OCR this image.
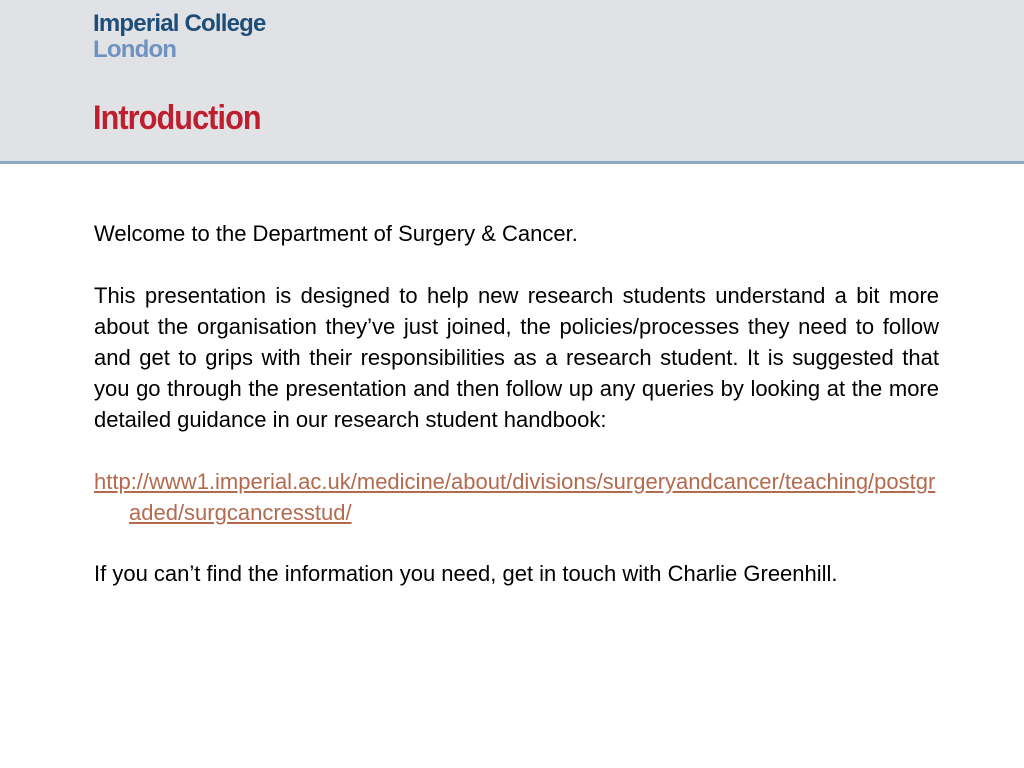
Imperial College
London
Introduction

Welcome to the Department of Surgery & Cancer.

This presentation is designed to help new research students understand a bit more about the organisation they’ve just joined, the policies/processes they need to follow and get to grips with their responsibilities as a research student. It is suggested that you go through the presentation and then follow up any queries by looking at the more detailed guidance in our research student handbook:

http://www1.imperial.ac.uk/medicine/about/divisions/surgeryandcancer/teaching/postgraded/surgcancresstud/

If you can’t find the information you need, get in touch with Charlie Greenhill.
